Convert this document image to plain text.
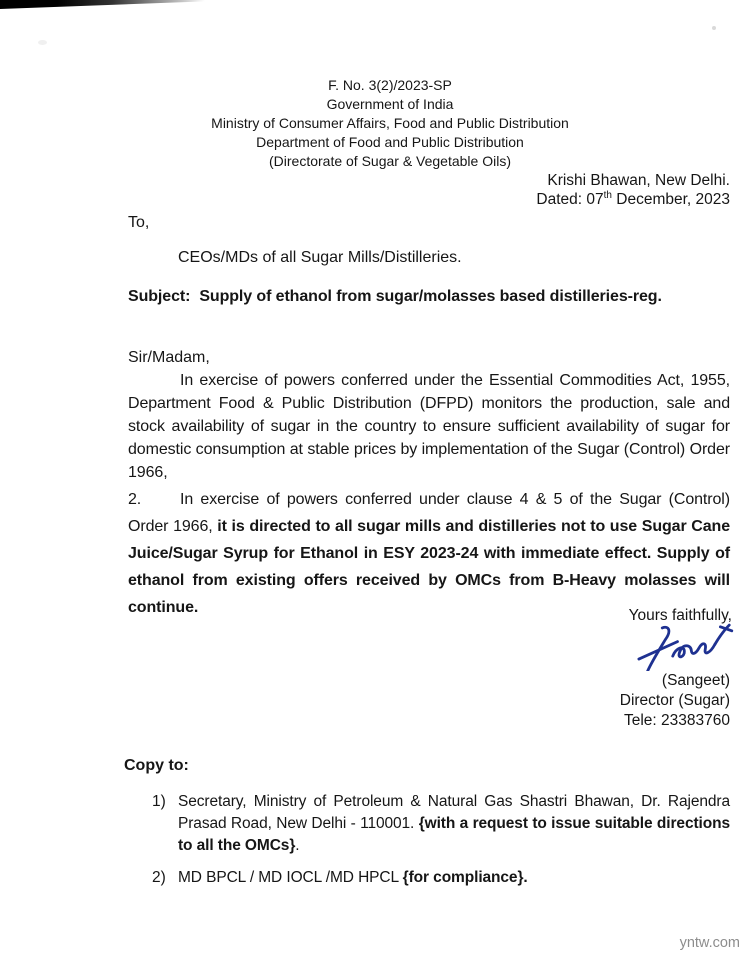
F. No. 3(2)/2023-SP
Government of India
Ministry of Consumer Affairs, Food and Public Distribution
Department of Food and Public Distribution
(Directorate of Sugar & Vegetable Oils)
Krishi Bhawan, New Delhi.
Dated: 07th December, 2023
To,
CEOs/MDs of all Sugar Mills/Distilleries.
Subject: Supply of ethanol from sugar/molasses based distilleries-reg.
Sir/Madam,

In exercise of powers conferred under the Essential Commodities Act, 1955, Department Food & Public Distribution (DFPD) monitors the production, sale and stock availability of sugar in the country to ensure sufficient availability of sugar for domestic consumption at stable prices by implementation of the Sugar (Control) Order 1966,

2. In exercise of powers conferred under clause 4 & 5 of the Sugar (Control) Order 1966, it is directed to all sugar mills and distilleries not to use Sugar Cane Juice/Sugar Syrup for Ethanol in ESY 2023-24 with immediate effect. Supply of ethanol from existing offers received by OMCs from B-Heavy molasses will continue.	Yours faithfully,
(Sangeet)
Director (Sugar)
Tele: 23383760
Copy to:
1) Secretary, Ministry of Petroleum & Natural Gas Shastri Bhawan, Dr. Rajendra Prasad Road, New Delhi - 110001. {with a request to issue suitable directions to all the OMCs}.
2) MD BPCL / MD IOCL /MD HPCL {for compliance}.
yntw.com
